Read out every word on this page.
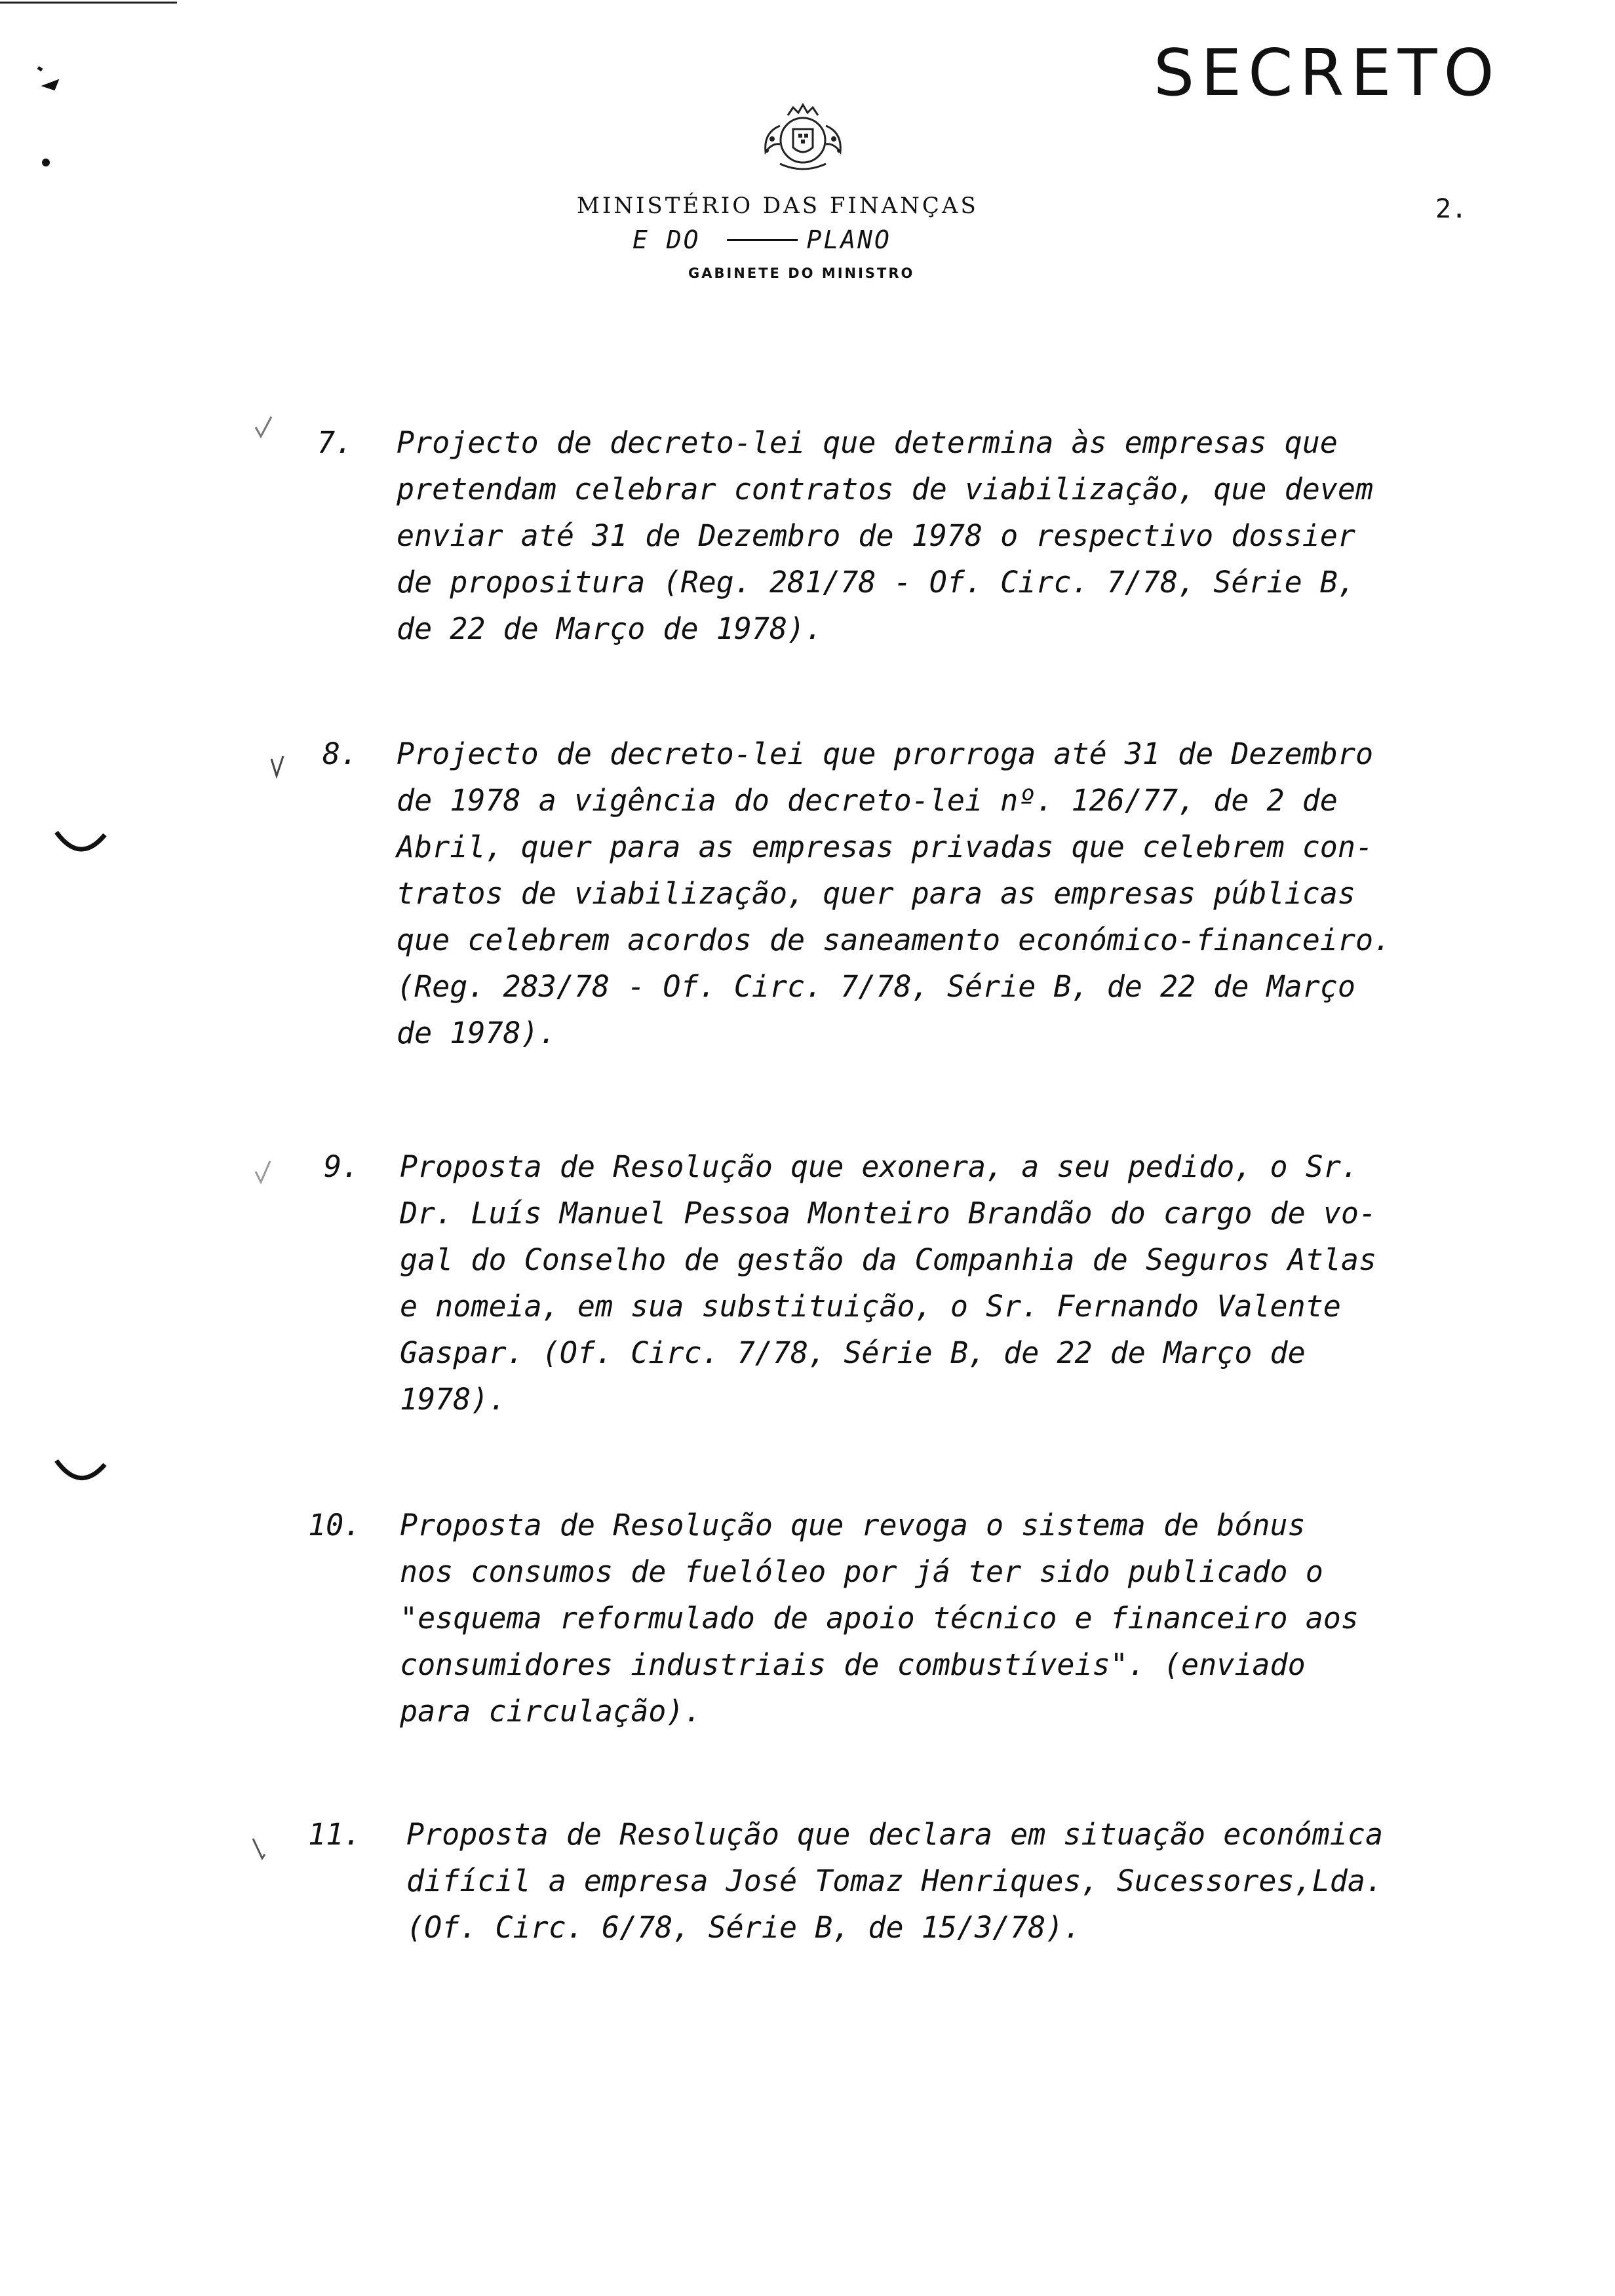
SECRETO
MINISTÉRIO DAS FINANÇAS
E DO	PLANO
GABINETE DO MINISTRO
2.
7. Projecto de decreto-lei que determina às empresas que
pretendam celebrar contratos de viabilização, que devem
enviar até 31 de Dezembro de 1978 o respectivo dossier
de propositura (Reg. 281/78 - Of. Circ. 7/78, Série B,
de 22 de Março de 1978).
8. Projecto de decreto-lei que prorroga até 31 de Dezembro
de 1978 a vigência do decreto-lei nº. 126/77, de 2 de
Abril, quer para as empresas privadas que celebrem con-
tratos de viabilização, quer para as empresas públicas
que celebrem acordos de saneamento económico-financeiro.
(Reg. 283/78 - Of. Circ. 7/78, Série B, de 22 de Março
de 1978).
9. Proposta de Resolução que exonera, a seu pedido, o Sr.
Dr. Luís Manuel Pessoa Monteiro Brandão do cargo de vo-
gal do Conselho de gestão da Companhia de Seguros Atlas
e nomeia, em sua substituição, o Sr. Fernando Valente
Gaspar. (Of. Circ. 7/78, Série B, de 22 de Março de
1978).
10. Proposta de Resolução que revoga o sistema de bónus
nos consumos de fuelóleo por já ter sido publicado o
"esquema reformulado de apoio técnico e financeiro aos
consumidores industriais de combustíveis". (enviado
para circulação).
11. Proposta de Resolução que declara em situação económica
difícil a empresa José Tomaz Henriques, Sucessores,Lda.
(Of. Circ. 6/78, Série B, de 15/3/78).
